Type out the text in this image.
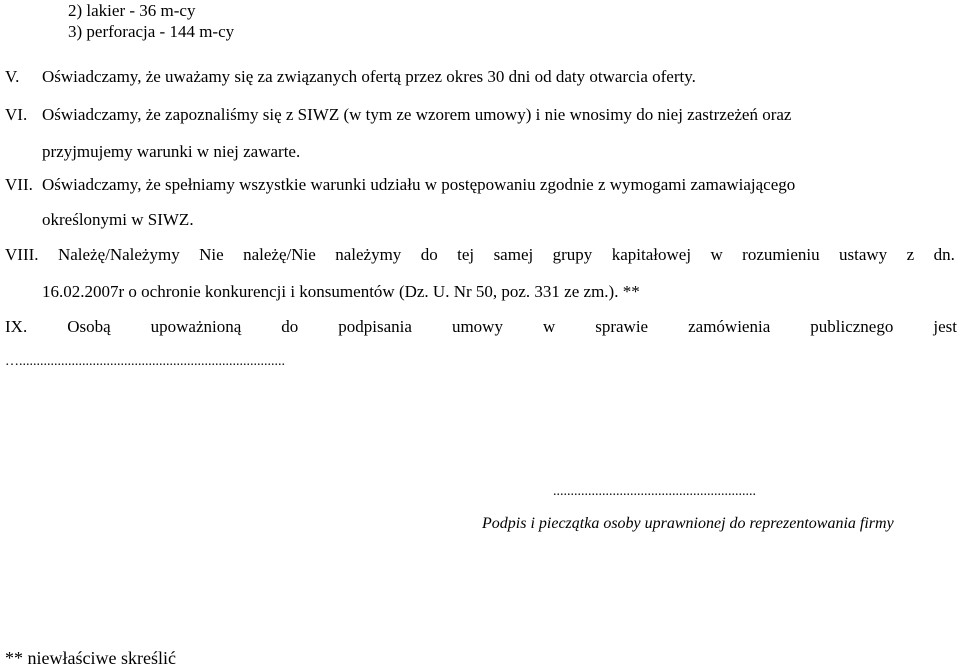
2) lakier - 36 m-cy
3) perforacja - 144 m-cy
V. Oświadczamy, że uważamy się za związanych ofertą przez okres 30 dni od daty otwarcia oferty.
VI. Oświadczamy, że zapoznaliśmy się z SIWZ (w tym ze wzorem umowy) i nie wnosimy do niej zastrzeżeń oraz
przyjmujemy warunki w niej zawarte.
VII. Oświadczamy, że spełniamy wszystkie warunki udziału w postępowaniu zgodnie z wymogami zamawiającego
określonymi w SIWZ.
VIII. Należę/Należymy Nie należę/Nie należymy do tej samej grupy kapitałowej w rozumieniu ustawy z dn.
16.02.2007r o ochronie konkurencji i konsumentów (Dz. U. Nr 50, poz. 331 ze zm.). **
IX. Osobą upoważnioną do podpisania umowy w sprawie zamówienia publicznego jest
…............................................................................
..........................................................
Podpis i pieczątka osoby uprawnionej do reprezentowania firmy
** niewłaściwe skreślić
